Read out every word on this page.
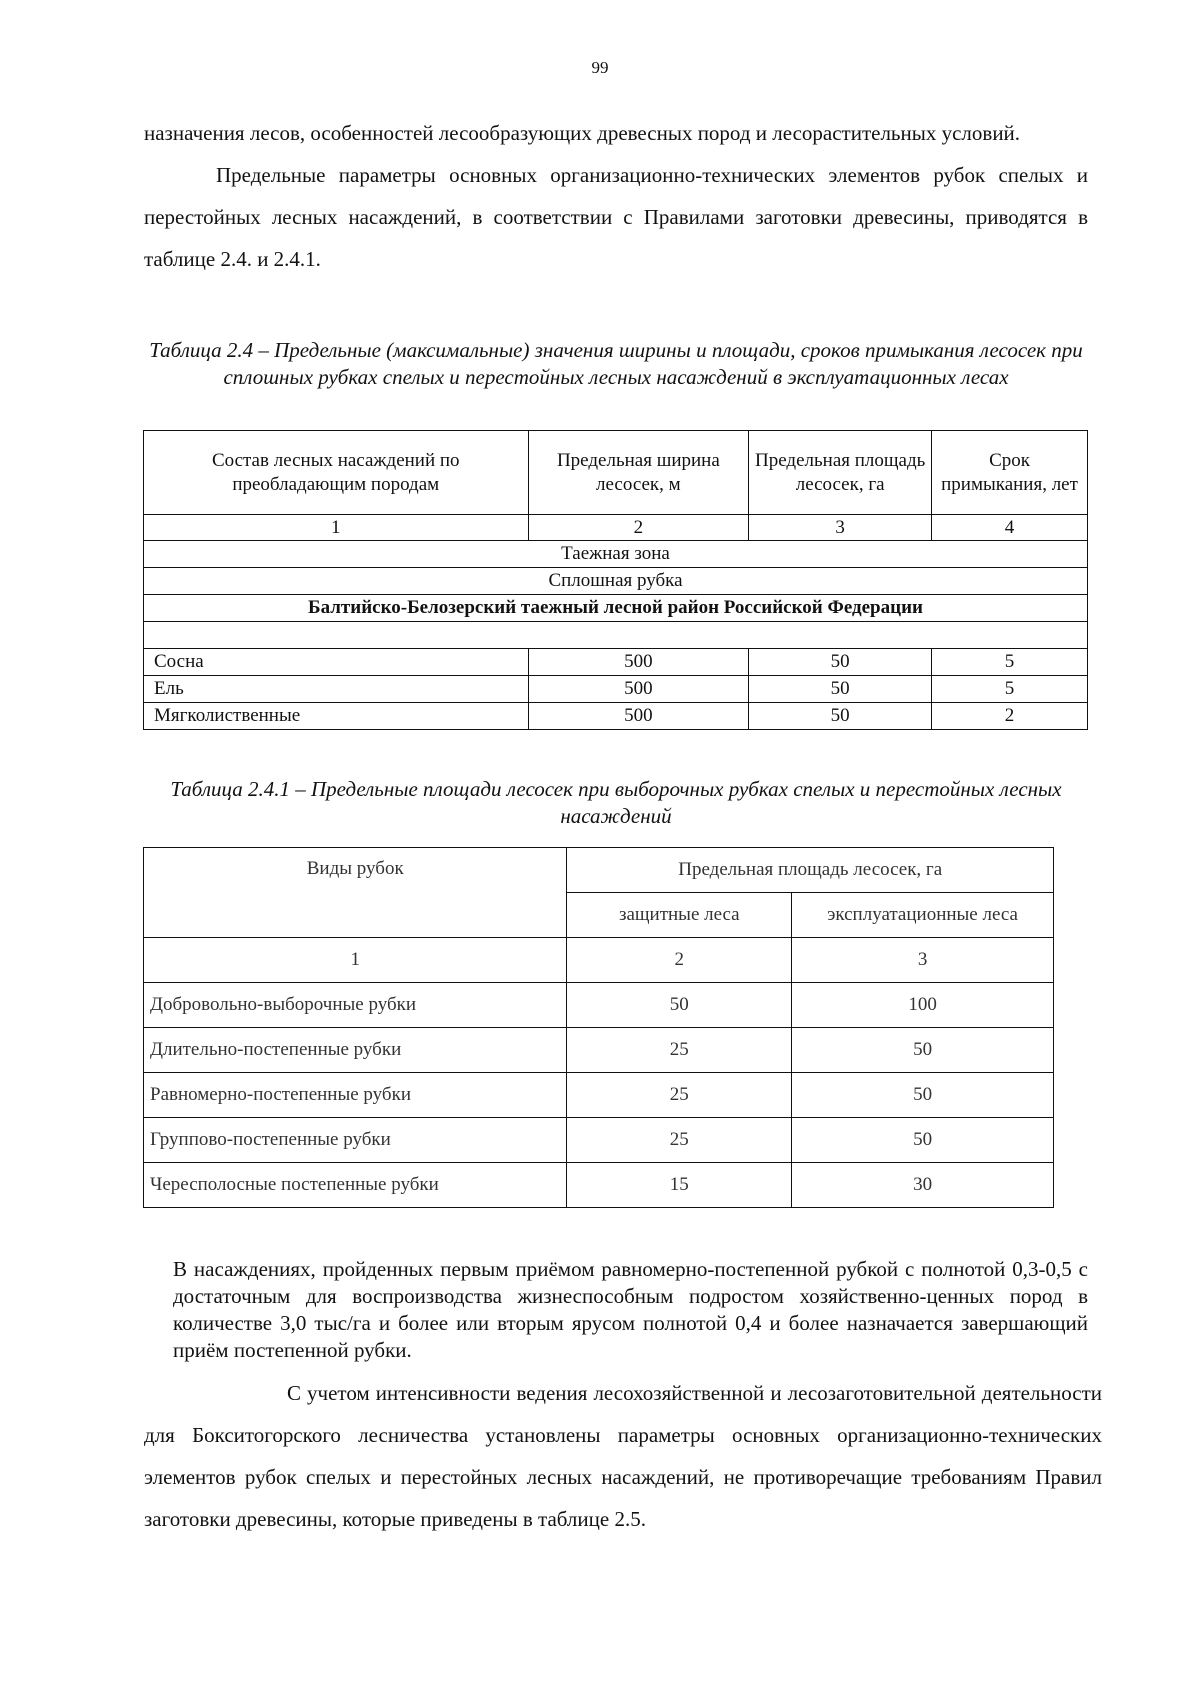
99

назначения лесов, особенностей лесообразующих древесных пород и лесорастительных условий.
Предельные параметры основных организационно-технических элементов рубок спелых и перестойных лесных насаждений, в соответствии с Правилами заготовки древесины, приводятся в таблице 2.4. и 2.4.1.

Таблица 2.4 – Предельные (максимальные) значения ширины и площади, сроков примыкания лесосек при сплошных рубках спелых и перестойных лесных насаждений в эксплуатационных лесах

Состав лесных насаждений по преобладающим породам	Предельная ширина лесосек, м	Предельная площадь лесосек, га	Срок примыкания, лет
1	2	3	4
Таежная зона			
Сплошная рубка			
Балтийско-Белозерский таежный лесной район Российской Федерации			

Сосна	500	50	5
Ель	500	50	5
Мягколиственные	500	50	2

Таблица 2.4.1 – Предельные площади лесосек при выборочных рубках спелых и перестойных лесных насаждений

Виды рубок	Предельная площадь лесосек, га	
	защитные леса	эксплуатационные леса
1	2	3
Добровольно-выборочные рубки	50	100
Длительно-постепенные рубки	25	50
Равномерно-постепенные рубки	25	50
Группово-постепенные рубки	25	50
Чересполосные постепенные рубки	15	30

В насаждениях, пройденных первым приёмом равномерно-постепенной рубкой с полнотой 0,3-0,5 с достаточным для воспроизводства жизнеспособным подростом хозяйственно-ценных пород в количестве 3,0 тыс/га и более или вторым ярусом полнотой 0,4 и более назначается завершающий приём постепенной рубки.

С учетом интенсивности ведения лесохозяйственной и лесозаготовительной деятельности для Бокситогорского лесничества установлены параметры основных организационно-технических элементов рубок спелых и перестойных лесных насаждений, не противоречащие требованиям Правил заготовки древесины, которые приведены в таблице 2.5.
